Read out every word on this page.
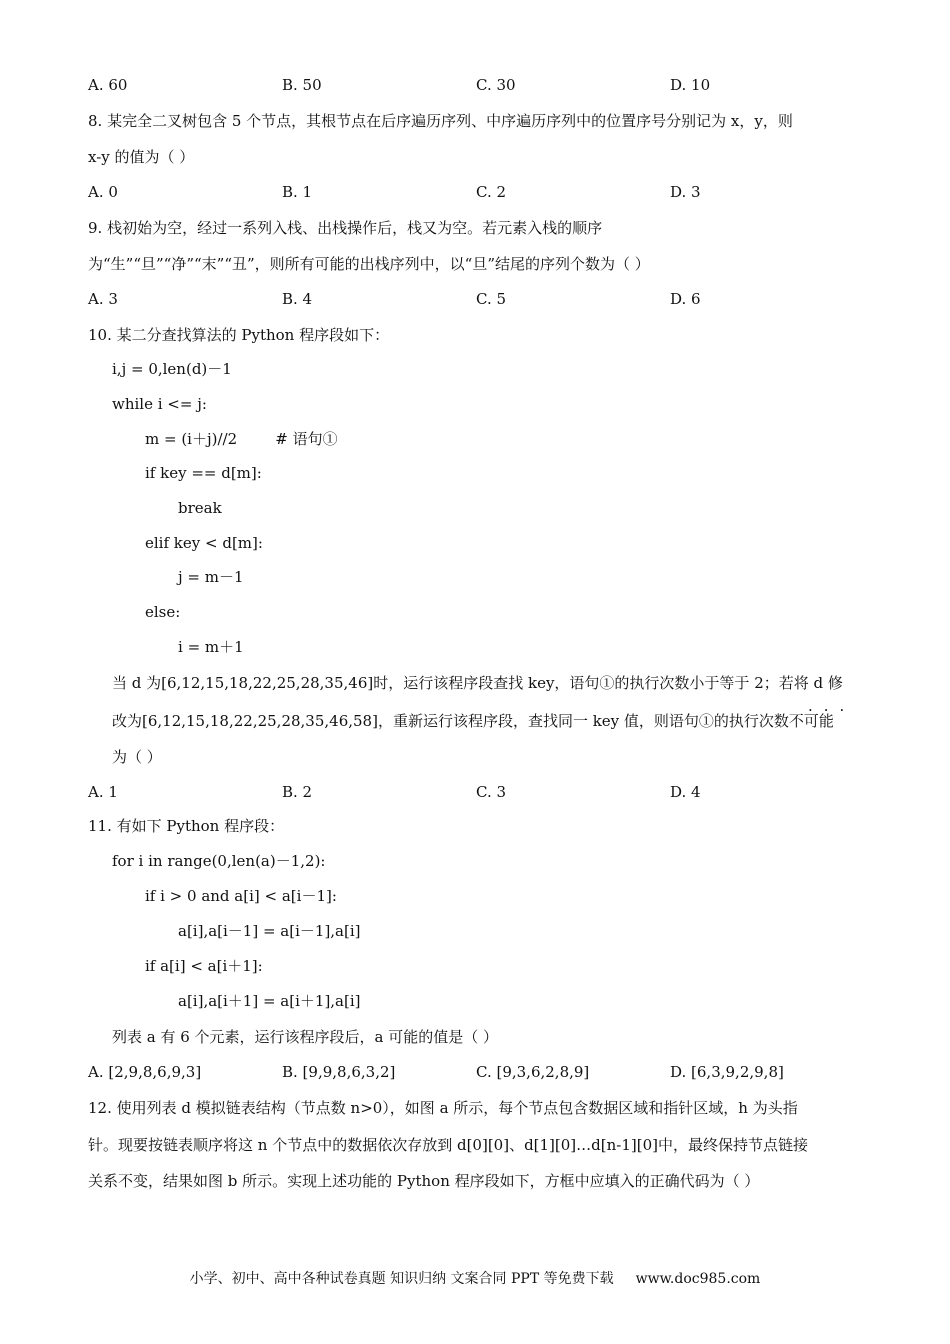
A. 60	B. 50	C. 30	D. 10
8. 某完全二叉树包含 5 个节点，其根节点在后序遍历序列、中序遍历序列中的位置序号分别记为 x，y，则
x-y 的值为（ ）
A. 0	B. 1	C. 2	D. 3
9. 栈初始为空，经过一系列入栈、出栈操作后，栈又为空。若元素入栈的顺序
为“生”“旦”“净”“末”“丑”，则所有可能的出栈序列中，以“旦”结尾的序列个数为（ ）
A. 3	B. 4	C. 5	D. 6
10. 某二分查找算法的 Python 程序段如下：
i,j = 0,len(d)－1
while i <= j:
m = (i＋j)//2        # 语句①
if key == d[m]:
break
elif key < d[m]:
j = m－1
else:
i = m＋1
当 d 为[6,12,15,18,22,25,28,35,46]时，运行该程序段查找 key，语句①的执行次数小于等于 2；若将 d 修
···
改为[6,12,15,18,22,25,28,35,46,58]，重新运行该程序段，查找同一 key 值，则语句①的执行次数不可能
为（ ）
A. 1	B. 2	C. 3	D. 4
11. 有如下 Python 程序段：
for i in range(0,len(a)－1,2):
if i > 0 and a[i] < a[i－1]:
a[i],a[i－1] = a[i－1],a[i]
if a[i] < a[i＋1]:
a[i],a[i＋1] = a[i＋1],a[i]
列表 a 有 6 个元素，运行该程序段后，a 可能的值是（ ）
A. [2,9,8,6,9,3]	B. [9,9,8,6,3,2]	C. [9,3,6,2,8,9]	D. [6,3,9,2,9,8]
12. 使用列表 d 模拟链表结构（节点数 n>0），如图 a 所示，每个节点包含数据区域和指针区域，h 为头指
针。现要按链表顺序将这 n 个节点中的数据依次存放到 d[0][0]、d[1][0]…d[n-1][0]中，最终保持节点链接
关系不变，结果如图 b 所示。实现上述功能的 Python 程序段如下，方框中应填入的正确代码为（ ）
小学、初中、高中各种试卷真题 知识归纳 文案合同 PPT 等免费下载 www.doc985.com
